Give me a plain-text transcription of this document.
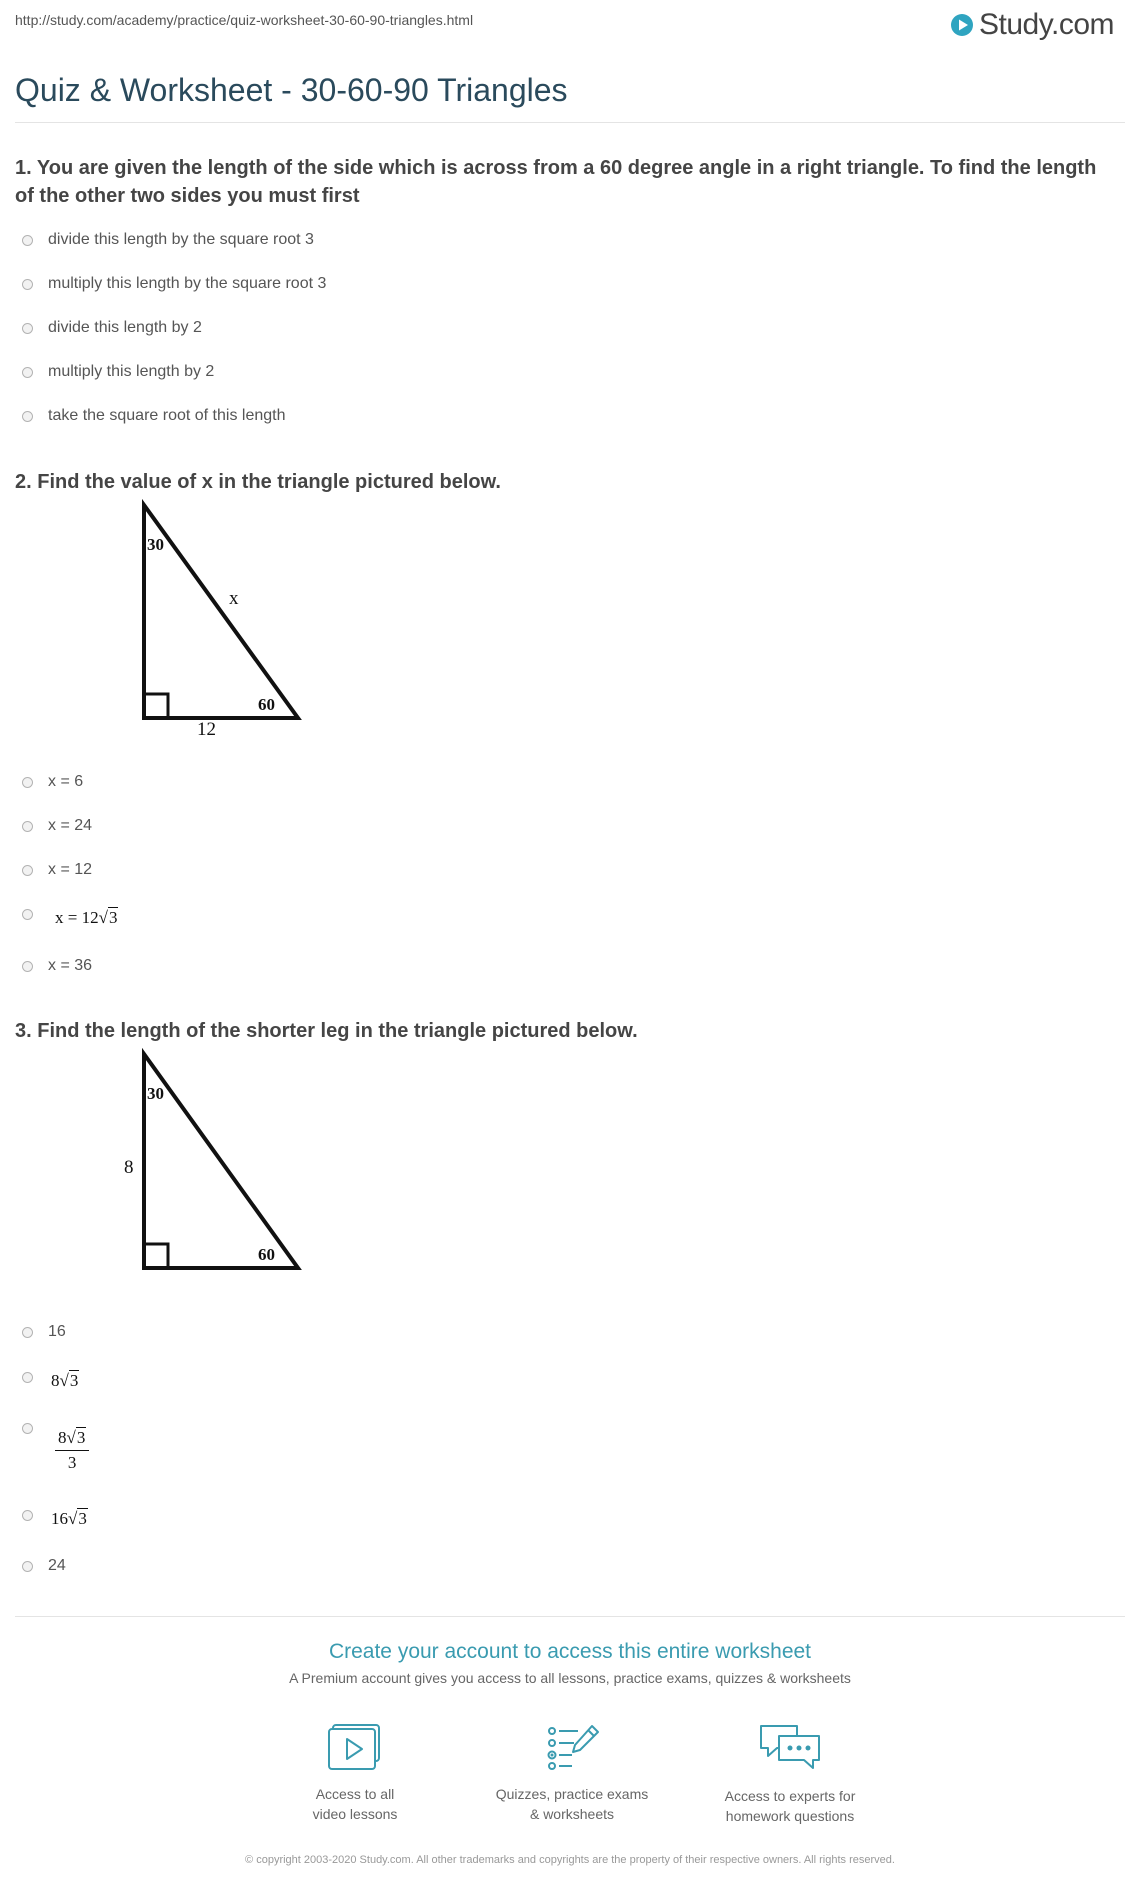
http://study.com/academy/practice/quiz-worksheet-30-60-90-triangles.html	Study.com
Quiz & Worksheet - 30-60-90 Triangles

1. You are given the length of the side which is across from a 60 degree angle in a right triangle. To find the length of the other two sides you must first

divide this length by the square root 3
multiply this length by the square root 3
divide this length by 2
multiply this length by 2
take the square root of this length

2. Find the value of x in the triangle pictured below.

30
60
x
12
x = 6
x = 24
x = 12
x = 12√3
x = 36

3. Find the length of the shorter leg in the triangle pictured below.

30
60
8
16
8√3
$\frac{8√3}{3}$
16√3
24
Create your account to access this entire worksheet
A Premium account gives you access to all lessons, practice exams, quizzes & worksheets
Access to all
video lessons
Quizzes, practice exams
& worksheets
Access to experts for
homework questions
© copyright 2003-2020 Study.com. All other trademarks and copyrights are the property of their respective owners. All rights reserved.
